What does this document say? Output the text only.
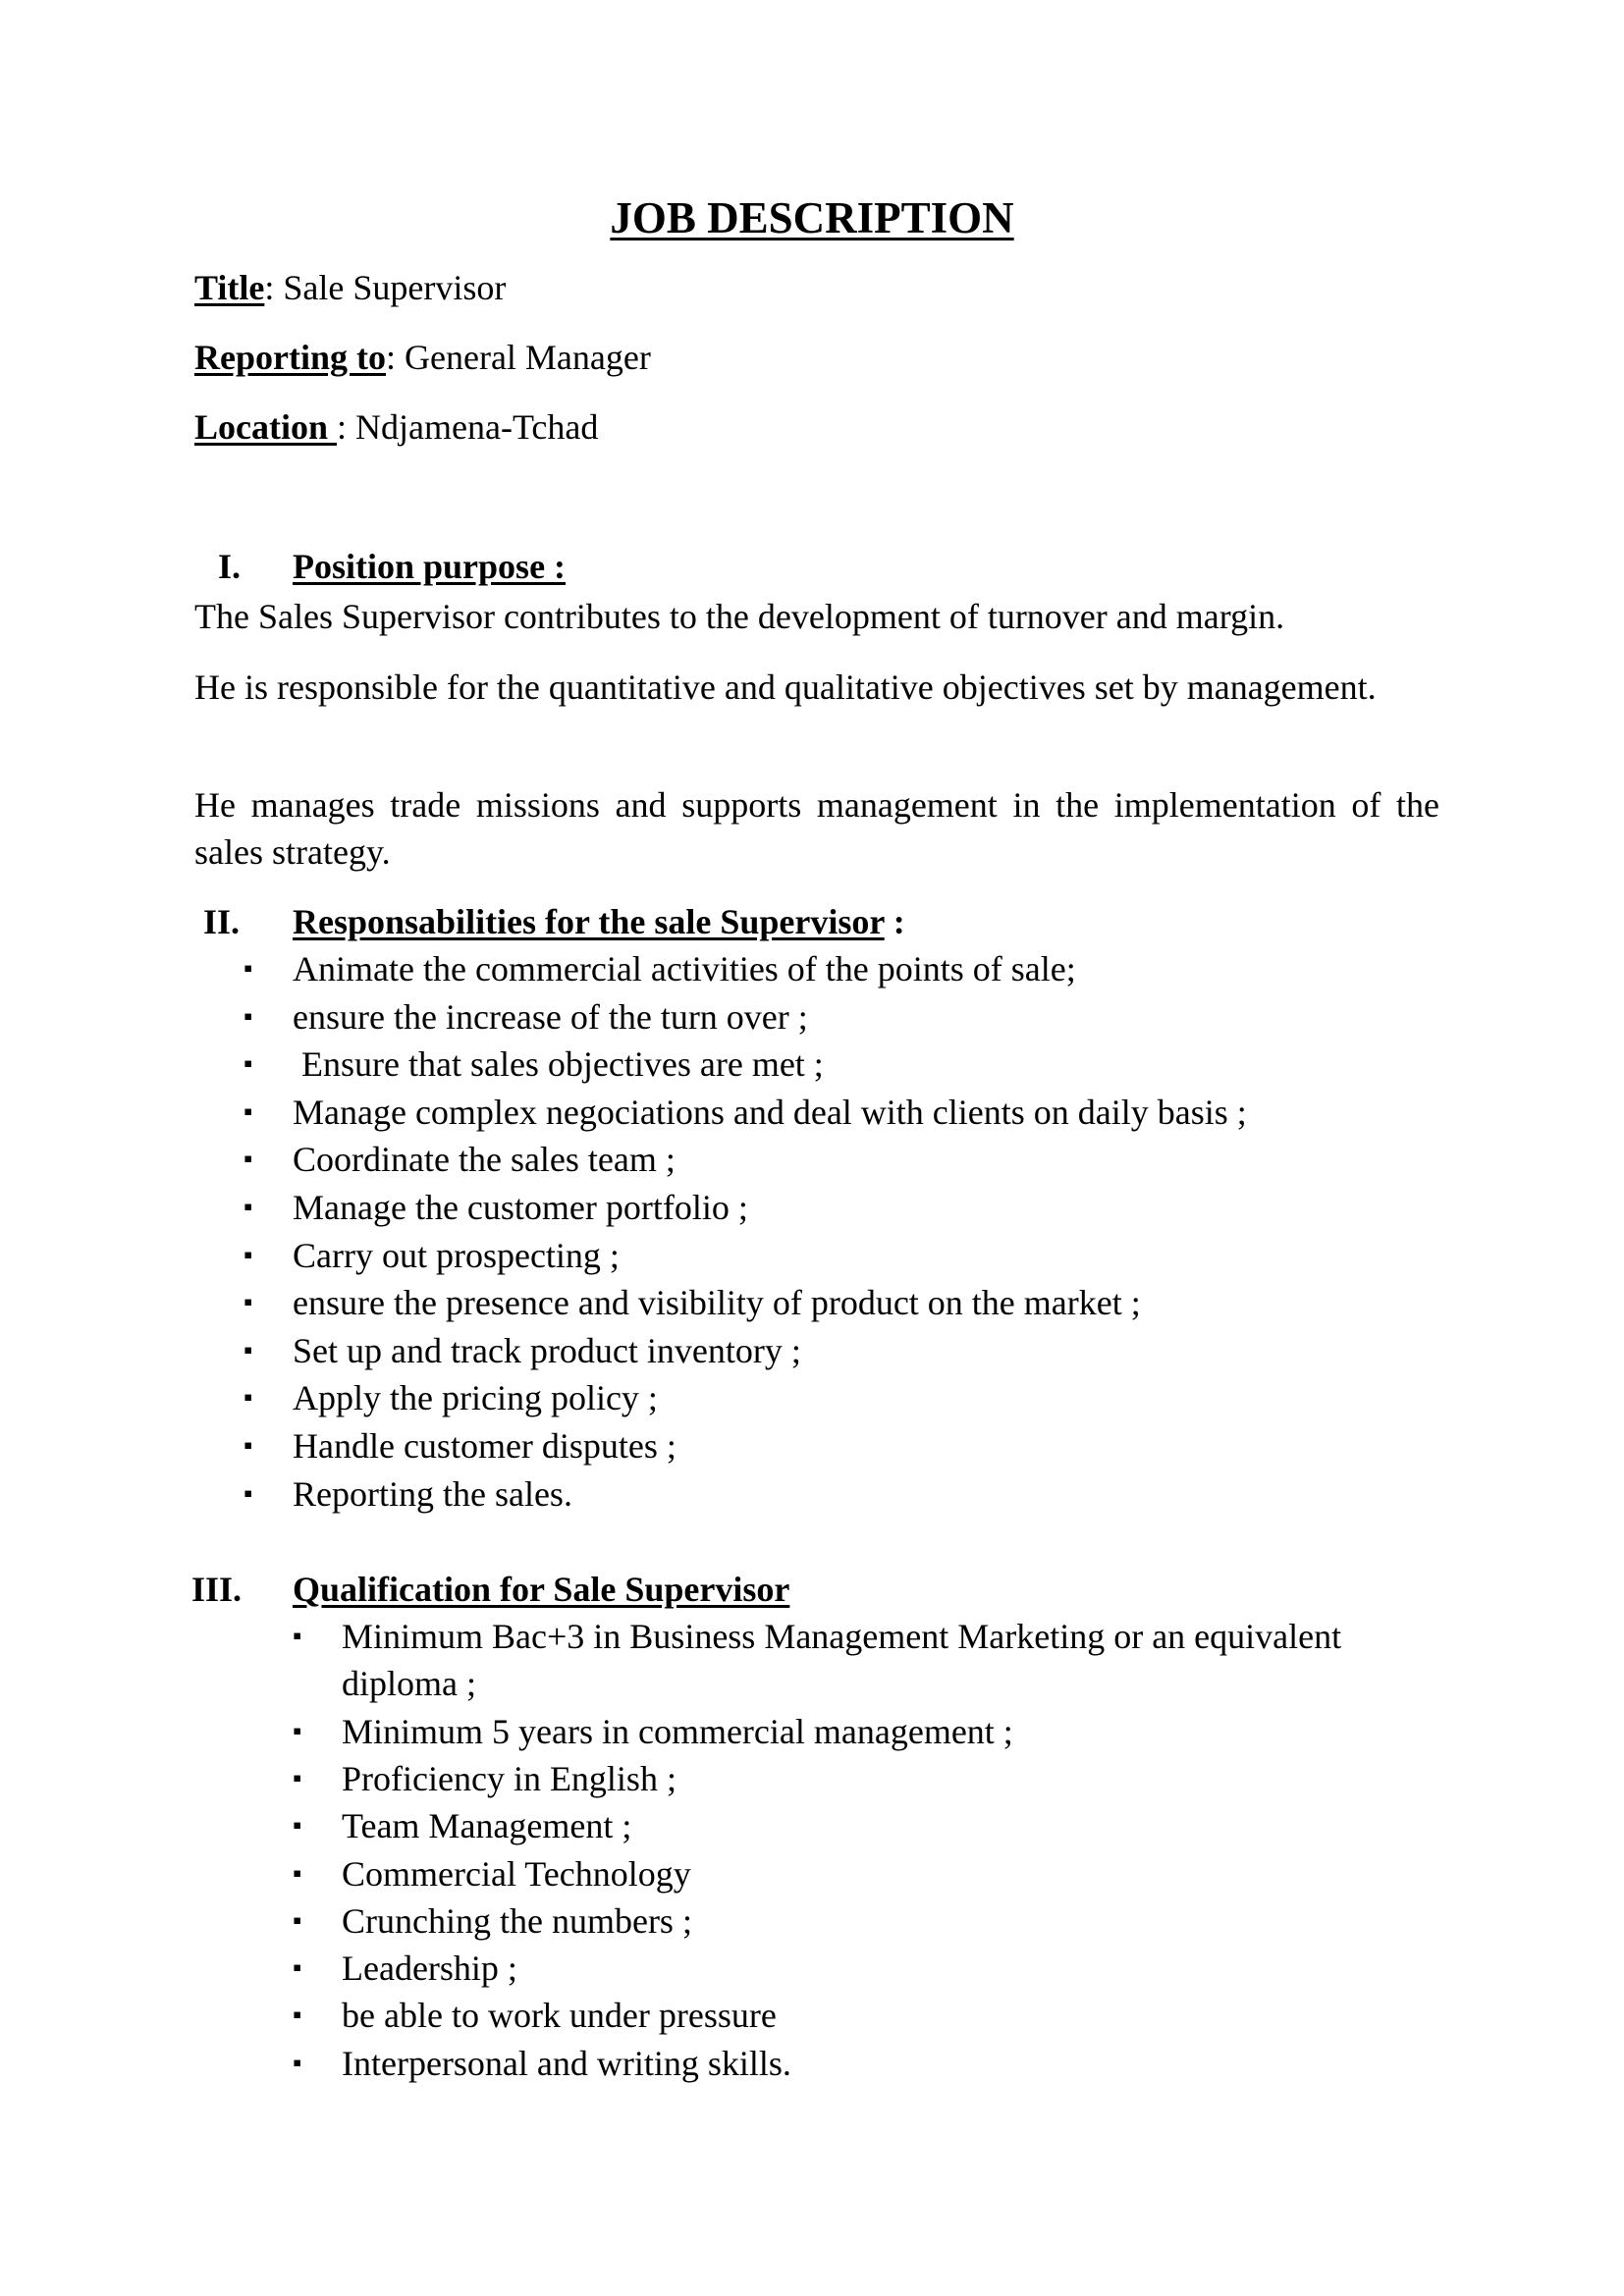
JOB DESCRIPTION
Title: Sale Supervisor
Reporting to: General Manager
Location : Ndjamena-Tchad
I. Position purpose :
The Sales Supervisor contributes to the development of turnover and margin.
He is responsible for the quantitative and qualitative objectives set by management.
He manages trade missions and supports management in the implementation of the sales strategy.
II. Responsabilities for the sale Supervisor :
▪ Animate the commercial activities of the points of sale;
▪ ensure the increase of the turn over ;
▪ Ensure that sales objectives are met ;
▪ Manage complex negociations and deal with clients on daily basis ;
▪ Coordinate the sales team ;
▪ Manage the customer portfolio ;
▪ Carry out prospecting ;
▪ ensure the presence and visibility of product on the market ;
▪ Set up and track product inventory ;
▪ Apply the pricing policy ;
▪ Handle customer disputes ;
▪ Reporting the sales.
III. Qualification for Sale Supervisor
▪ Minimum Bac+3 in Business Management Marketing or an equivalent
diploma ;
▪ Minimum 5 years in commercial management ;
▪ Proficiency in English ;
▪ Team Management ;
▪ Commercial Technology
▪ Crunching the numbers ;
▪ Leadership ;
▪ be able to work under pressure
▪ Interpersonal and writing skills.
